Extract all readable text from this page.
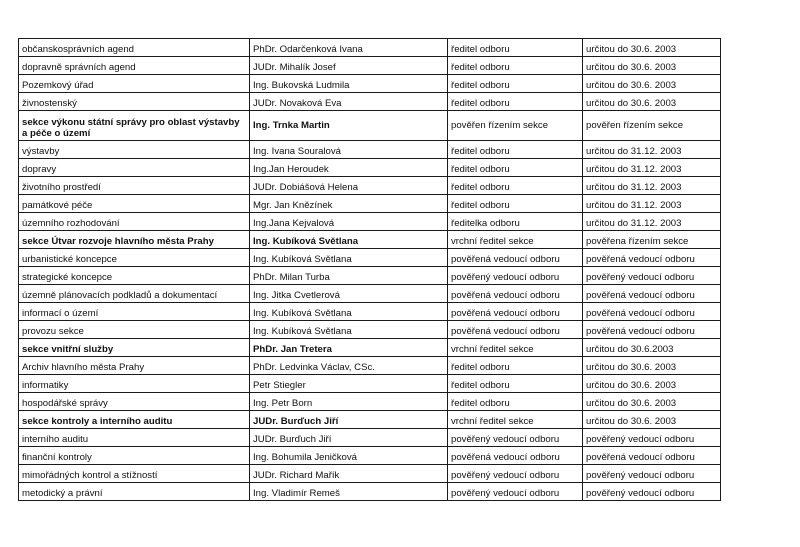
občanskosprávních agend	PhDr. Odarčenková Ivana	ředitel odboru	určitou do 30.6. 2003
dopravně správních agend	JUDr. Mihalík Josef	ředitel odboru	určitou do 30.6. 2003
Pozemkový úřad	Ing. Bukovská Ludmila	ředitel odboru	určitou do 30.6. 2003
živnostenský	JUDr. Novaková Eva	ředitel odboru	určitou do 30.6. 2003
sekce výkonu státní správy pro oblast výstavby a péče o území	Ing. Trnka Martin	pověřen řízením sekce	pověřen řízením sekce
výstavby	Ing. Ivana Souralová	ředitel odboru	určitou do 31.12. 2003
dopravy	Ing.Jan Heroudek	ředitel odboru	určitou do 31.12. 2003
životního prostředí	JUDr. Dobiášová Helena	ředitel odboru	určitou do 31.12. 2003
památkové péče	Mgr. Jan Knězínek	ředitel odboru	určitou do 31.12. 2003
územního rozhodování	Ing.Jana Kejvalová	ředitelka odboru	určitou do 31.12. 2003
sekce Útvar rozvoje hlavního města Prahy	Ing. Kubíková Světlana	vrchní ředitel sekce	pověřena řízením sekce
urbanistické koncepce	Ing. Kubíková Světlana	pověřená vedoucí odboru	pověřená vedoucí odboru
strategické koncepce	PhDr. Milan Turba	pověřený vedoucí odboru	pověřený vedoucí odboru
územně plánovacích podkladů a dokumentací	Ing. Jitka Cvetlerová	pověřená vedoucí odboru	pověřená vedoucí odboru
informací o území	Ing. Kubíková Světlana	pověřená vedoucí odboru	pověřená vedoucí odboru
provozu sekce	Ing. Kubíková Světlana	pověřená vedoucí odboru	pověřená vedoucí odboru
sekce vnitřní služby	PhDr. Jan Tretera	vrchní ředitel sekce	určitou do 30.6.2003
Archiv hlavního města Prahy	PhDr. Ledvinka Václav, CSc.	ředitel odboru	určitou do 30.6. 2003
informatiky	Petr Stiegler	ředitel odboru	určitou do 30.6. 2003
hospodářské správy	Ing. Petr Born	ředitel odboru	určitou do 30.6. 2003
sekce kontroly a interního auditu	JUDr. Burďuch Jiří	vrchní ředitel sekce	určitou do 30.6. 2003
interního auditu	JUDr. Burďuch Jiří	pověřený vedoucí odboru	pověřený vedoucí odboru
finanční kontroly	Ing. Bohumila Jeničková	pověřená vedoucí odboru	pověřená vedoucí odboru
mimořádných kontrol a stížností	JUDr. Richard Mařík	pověřený vedoucí odboru	pověřený vedoucí odboru
metodický a právní	Ing. Vladimír Remeš	pověřený vedoucí odboru	pověřený vedoucí odboru
